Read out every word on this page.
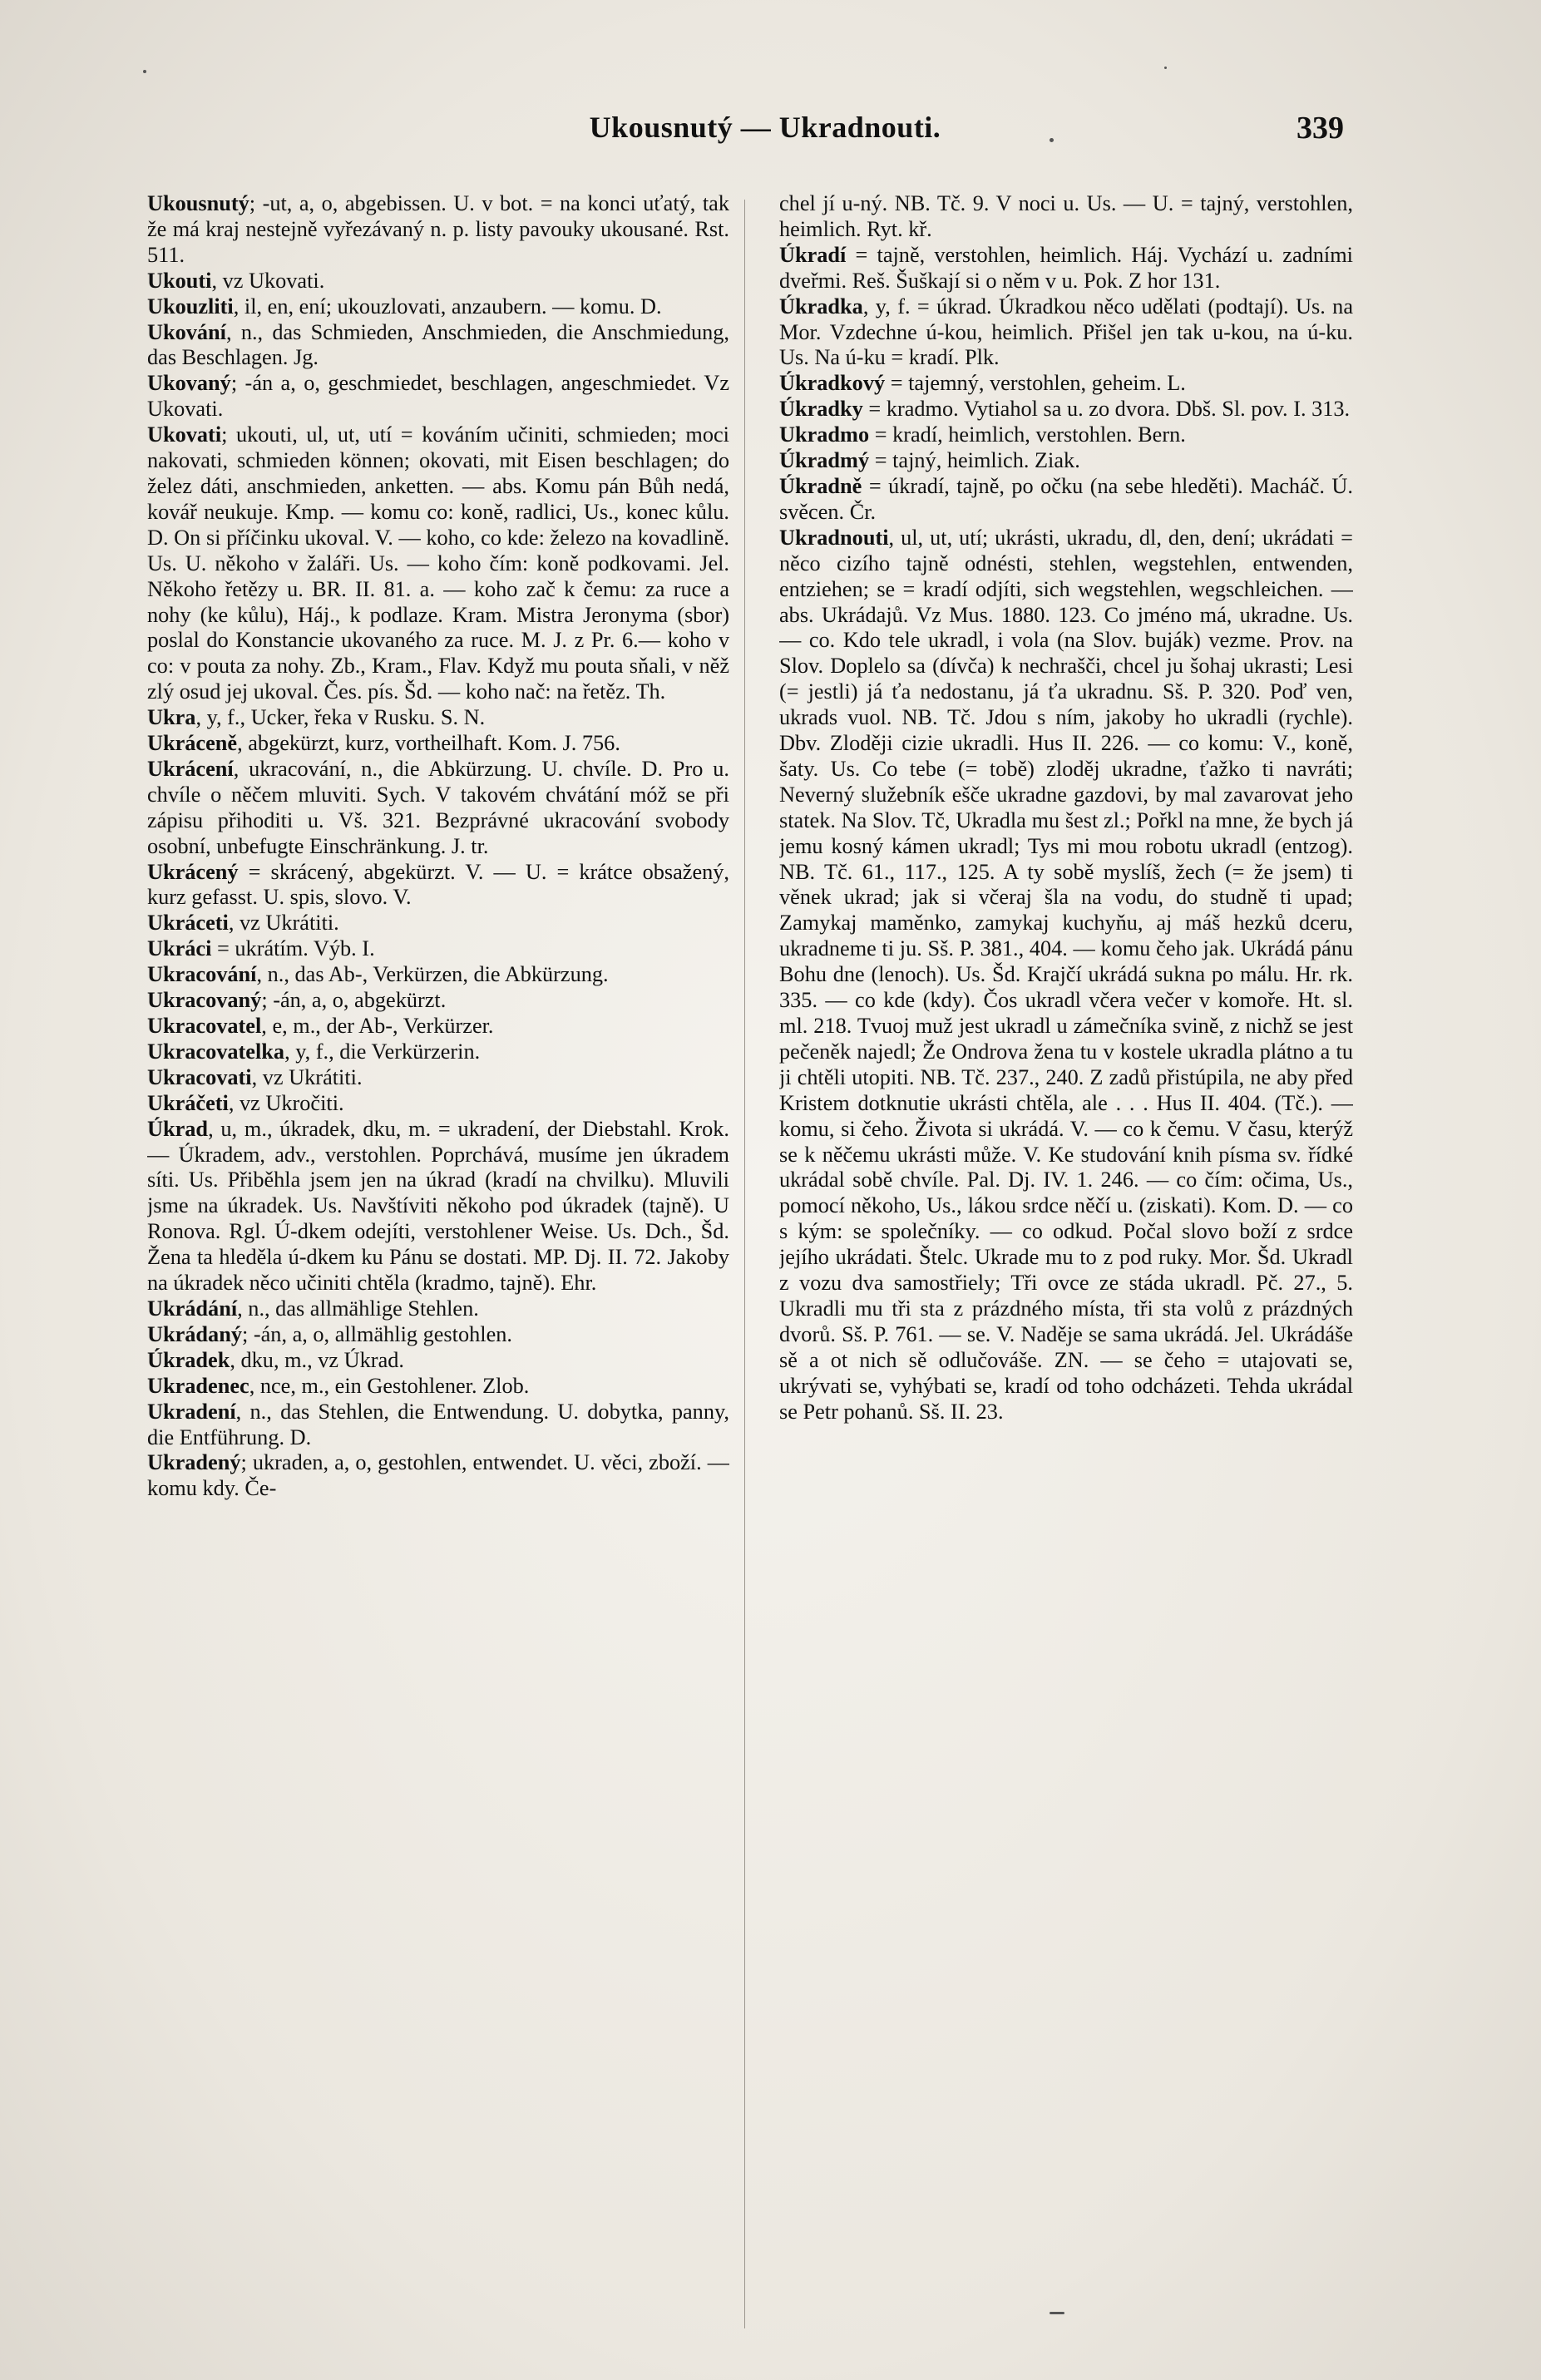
Ukousnutý — Ukradnouti.	339

Ukousnutý; -ut, a, o, abgebissen. U. v bot. = na konci uťatý, tak že má kraj nestejně vyřezávaný n. p. listy pavouky ukousané. Rst. 511.

Ukouti, vz Ukovati.

Ukouzliti, il, en, ení; ukouzlovati, anzaubern. — komu. D.

Ukování, n., das Schmieden, Anschmieden, die Anschmiedung, das Beschlagen. Jg.

Ukovaný; -án a, o, geschmiedet, beschlagen, angeschmiedet. Vz Ukovati.

Ukovati; ukouti, ul, ut, utí = kováním učiniti, schmieden; moci nakovati, schmieden können; okovati, mit Eisen beschlagen; do želez dáti, anschmieden, anketten. — abs. Komu pán Bůh nedá, kovář neukuje. Kmp. — komu co: koně, radlici, Us., konec kůlu. D. On si příčinku ukoval. V. — koho, co kde: železo na kovadlině. Us. U. někoho v žaláři. Us. — koho čím: koně podkovami. Jel. Někoho řetězy u. BR. II. 81. a. — koho zač k čemu: za ruce a nohy (ke kůlu), Háj., k podlaze. Kram. Mistra Jeronyma (sbor) poslal do Konstancie ukovaného za ruce. M. J. z Pr. 6.— koho v co: v pouta za nohy. Zb., Kram., Flav. Když mu pouta sňali, v něž zlý osud jej ukoval. Čes. pís. Šd. — koho nač: na řetěz. Th.

Ukra, y, f., Ucker, řeka v Rusku. S. N.

Ukráceně, abgekürzt, kurz, vortheilhaft. Kom. J. 756.

Ukrácení, ukracování, n., die Abkürzung. U. chvíle. D. Pro u. chvíle o něčem mluviti. Sych. V takovém chvátání móž se při zápisu přihoditi u. Vš. 321. Bezprávné ukracování svobody osobní, unbefugte Einschränkung. J. tr.

Ukrácený = skrácený, abgekürzt. V. — U. = krátce obsažený, kurz gefasst. U. spis, slovo. V.

Ukráceti, vz Ukrátiti.

Ukráci = ukrátím. Výb. I.

Ukracování, n., das Ab-, Verkürzen, die Abkürzung.

Ukracovaný; -án, a, o, abgekürzt.

Ukracovatel, e, m., der Ab-, Verkürzer.

Ukracovatelka, y, f., die Verkürzerin.

Ukracovati, vz Ukrátiti.

Ukráčeti, vz Ukročiti.

Úkrad, u, m., úkradek, dku, m. = ukradení, der Diebstahl. Krok. — Úkradem, adv., verstohlen. Poprchává, musíme jen úkradem síti. Us. Přiběhla jsem jen na úkrad (kradí na chvilku). Mluvili jsme na úkradek. Us. Navštíviti někoho pod úkradek (tajně). U Ronova. Rgl. Ú-dkem odejíti, verstohlener Weise. Us. Dch., Šd. Žena ta hleděla ú-dkem ku Pánu se dostati. MP. Dj. II. 72. Jakoby na úkradek něco učiniti chtěla (kradmo, tajně). Ehr.

Ukrádání, n., das allmählige Stehlen.

Ukrádaný; -án, a, o, allmählig gestohlen.

Úkradek, dku, m., vz Úkrad.

Ukradenec, nce, m., ein Gestohlener. Zlob.

Ukradení, n., das Stehlen, die Entwendung. U. dobytka, panny, die Entführung. D.

Ukradený; ukraden, a, o, gestohlen, entwendet. U. věci, zboží. — komu kdy. Če-

chel jí u-ný. NB. Tč. 9. V noci u. Us. — U. = tajný, verstohlen, heimlich. Ryt. kř.

Úkradí = tajně, verstohlen, heimlich. Háj. Vychází u. zadními dveřmi. Reš. Šuškají si o něm v u. Pok. Z hor 131.

Úkradka, y, f. = úkrad. Úkradkou něco udělati (podtají). Us. na Mor. Vzdechne ú-kou, heimlich. Přišel jen tak u-kou, na ú-ku. Us. Na ú-ku = kradí. Plk.

Úkradkový = tajemný, verstohlen, geheim. L.

Úkradky = kradmo. Vytiahol sa u. zo dvora. Dbš. Sl. pov. I. 313.

Ukradmo = kradí, heimlich, verstohlen. Bern.

Úkradmý = tajný, heimlich. Ziak.

Úkradně = úkradí, tajně, po očku (na sebe hleděti). Macháč. Ú. svěcen. Čr.

Ukradnouti, ul, ut, utí; ukrásti, ukradu, dl, den, dení; ukrádati = něco cizího tajně odnésti, stehlen, wegstehlen, entwenden, entziehen; se = kradí odjíti, sich wegstehlen, wegschleichen. — abs. Ukrádajů. Vz Mus. 1880. 123. Co jméno má, ukradne. Us. — co. Kdo tele ukradl, i vola (na Slov. buják) vezme. Prov. na Slov. Doplelo sa (dívča) k nechrašči, chcel ju šohaj ukrasti; Lesi (= jestli) já ťa nedostanu, já ťa ukradnu. Sš. P. 320. Poď ven, ukrads vuol. NB. Tč. Jdou s ním, jakoby ho ukradli (rychle). Dbv. Zloději cizie ukradli. Hus II. 226. — co komu: V., koně, šaty. Us. Co tebe (= tobě) zloděj ukradne, ťažko ti navráti; Neverný služebník ešče ukradne gazdovi, by mal zavarovat jeho statek. Na Slov. Tč, Ukradla mu šest zl.; Pořkl na mne, že bych já jemu kosný kámen ukradl; Tys mi mou robotu ukradl (entzog). NB. Tč. 61., 117., 125. A ty sobě myslíš, žech (= že jsem) ti věnek ukrad; jak si včeraj šla na vodu, do studně ti upad; Zamykaj maměnko, zamykaj kuchyňu, aj máš hezků dceru, ukradneme ti ju. Sš. P. 381., 404. — komu čeho jak. Ukrádá pánu Bohu dne (lenoch). Us. Šd. Krajčí ukrádá sukna po málu. Hr. rk. 335. — co kde (kdy). Čos ukradl včera večer v komoře. Ht. sl. ml. 218. Tvuoj muž jest ukradl u zámečníka svině, z nichž se jest pečeněk najedl; Že Ondrova žena tu v kostele ukradla plátno a tu ji chtěli utopiti. NB. Tč. 237., 240. Z zadů přistúpila, ne aby před Kristem dotknutie ukrásti chtěla, ale . . . Hus II. 404. (Tč.). — komu, si čeho. Života si ukrádá. V. — co k čemu. V času, kterýž se k něčemu ukrásti může. V. Ke studování knih písma sv. řídké ukrádal sobě chvíle. Pal. Dj. IV. 1. 246. — co čím: očima, Us., pomocí někoho, Us., lákou srdce něčí u. (ziskati). Kom. D. — co s kým: se společníky. — co odkud. Počal slovo boží z srdce jejího ukrádati. Štelc. Ukrade mu to z pod ruky. Mor. Šd. Ukradl z vozu dva samostřiely; Tři ovce ze stáda ukradl. Pč. 27., 5. Ukradli mu tři sta z prázdného místa, tři sta volů z prázdných dvorů. Sš. P. 761. — se. V. Naděje se sama ukrádá. Jel. Ukrádáše sě a ot nich sě odlučováše. ZN. — se čeho = utajovati se, ukrývati se, vyhýbati se, kradí od toho odcházeti. Tehda ukrádal se Petr pohanů. Sš. II. 23.
